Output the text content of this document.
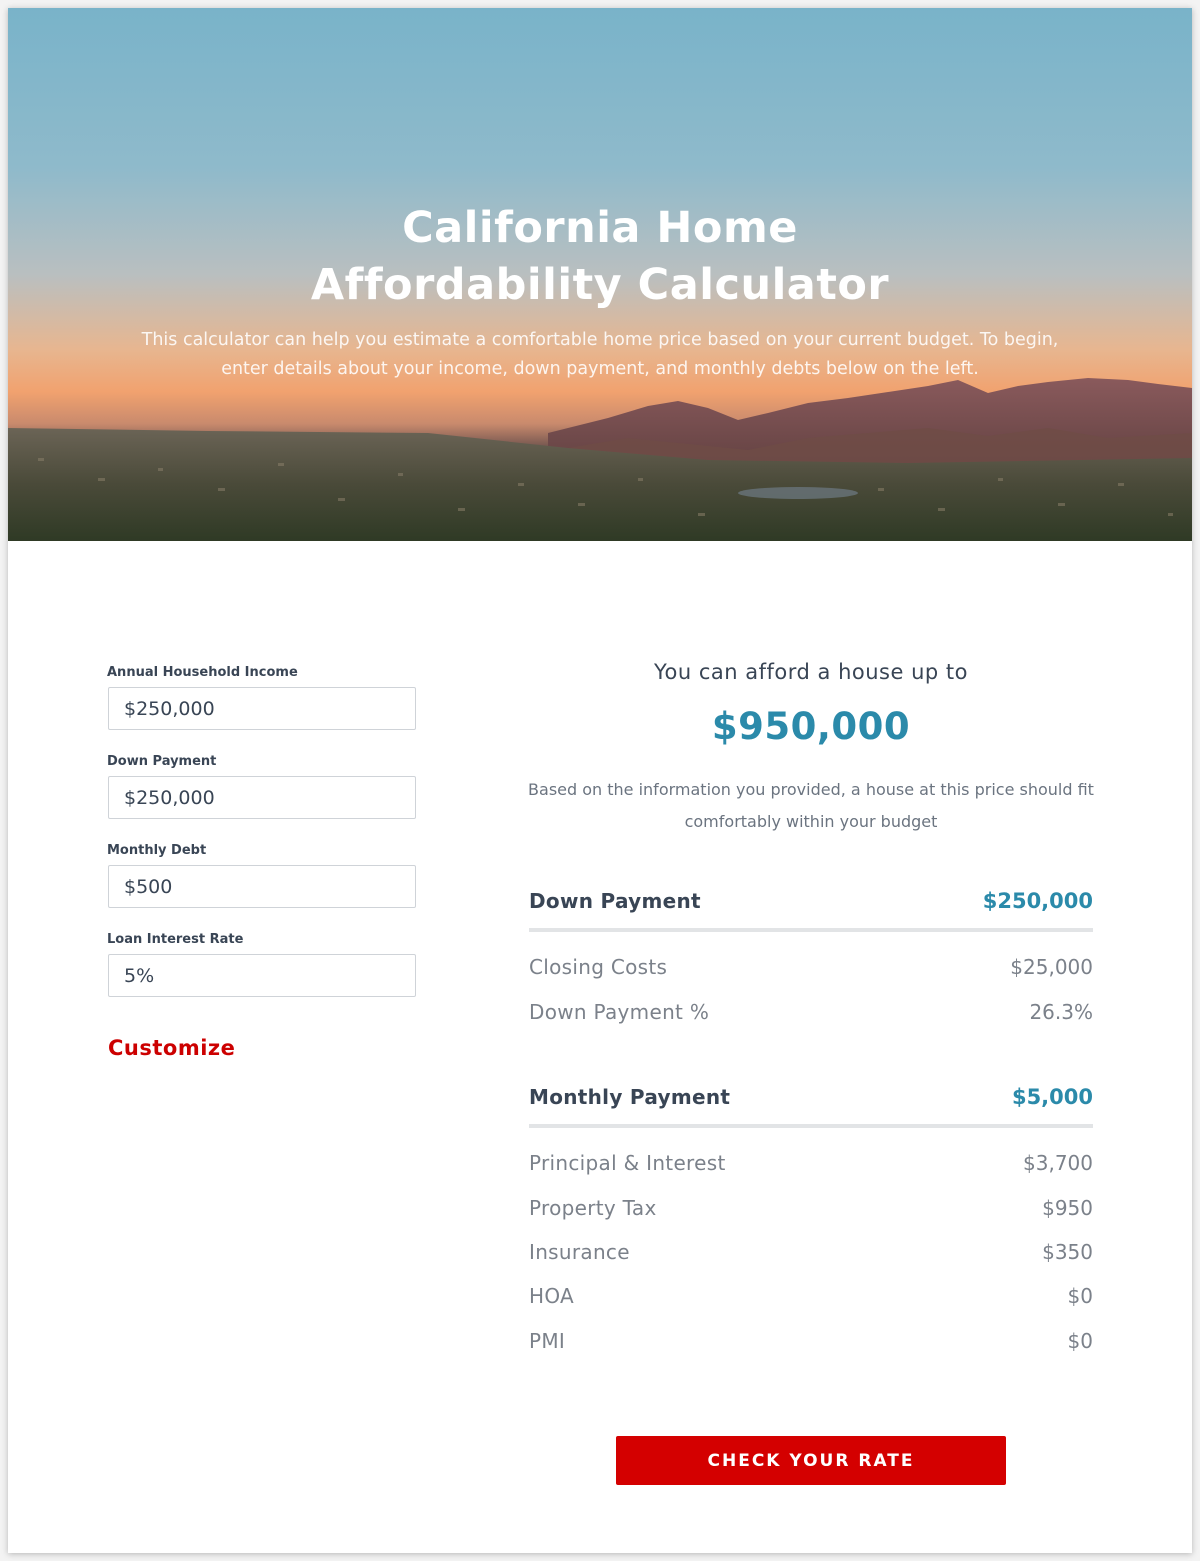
California Home
Affordability Calculator
This calculator can help you estimate a comfortable home price based on your current budget. To begin, enter details about your income, down payment, and monthly debts below on the left.
Annual Household Income
$250,000
Down Payment
$250,000
Monthly Debt
$500
Loan Interest Rate
5%
Customize
You can afford a house up to
$950,000
Based on the information you provided, a house at this price should fit comfortably within your budget
Down Payment	$250,000
Closing Costs	$25,000
Down Payment %	26.3%
Monthly Payment	$5,000
Principal & Interest	$3,700
Property Tax	$950
Insurance	$350
HOA	$0
PMI	$0
CHECK YOUR RATE
